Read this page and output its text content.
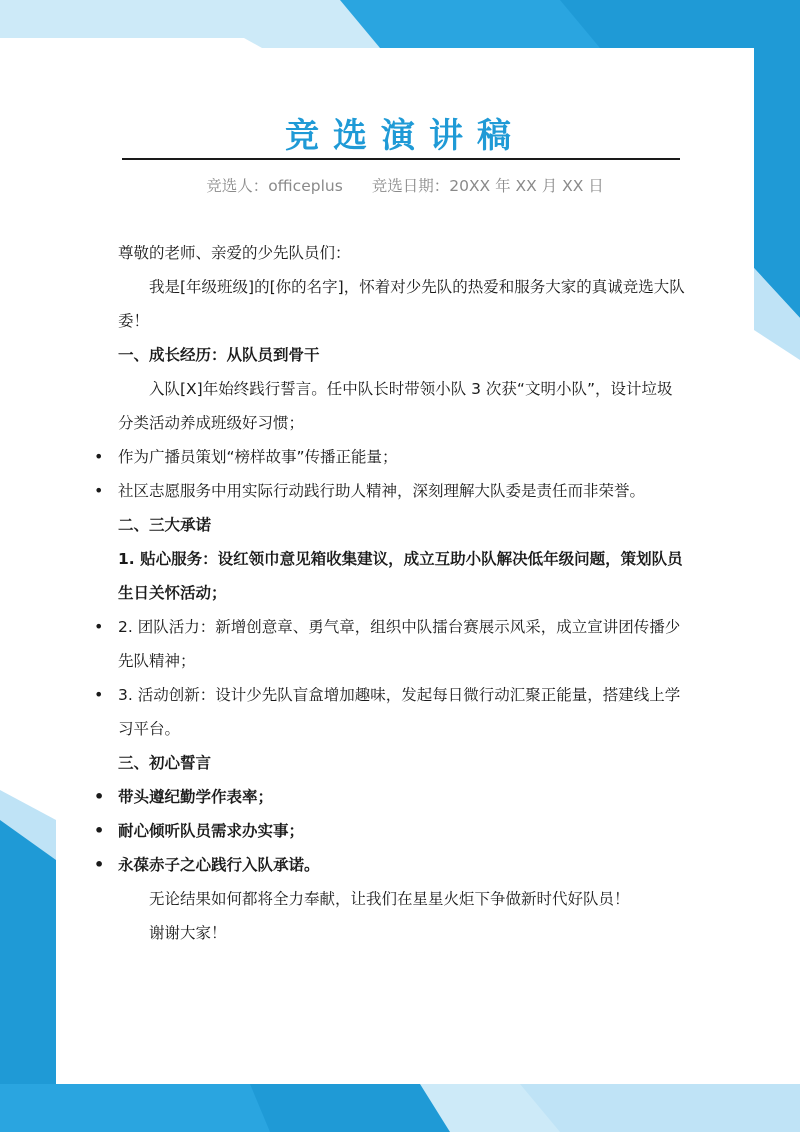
竞选演讲稿
竞选人：officeplus 竞选日期：20XX 年 XX 月 XX 日

尊敬的老师、亲爱的少先队员们：

我是[年级班级]的[你的名字]，怀着对少先队的热爱和服务大家的真诚竞选大队委！

一、成长经历：从队员到骨干

入队[X]年始终践行誓言。任中队长时带领小队 3 次获“文明小队”，设计垃圾分类活动养成班级好习惯；

• 作为广播员策划“榜样故事”传播正能量；

• 社区志愿服务中用实际行动践行助人精神，深刻理解大队委是责任而非荣誉。

二、三大承诺

1. 贴心服务：设红领巾意见箱收集建议，成立互助小队解决低年级问题，策划队员生日关怀活动；

• 2. 团队活力：新增创意章、勇气章，组织中队擂台赛展示风采，成立宣讲团传播少先队精神；

• 3. 活动创新：设计少先队盲盒增加趣味，发起每日微行动汇聚正能量，搭建线上学习平台。

三、初心誓言

• 带头遵纪勤学作表率；

• 耐心倾听队员需求办实事；

• 永葆赤子之心践行入队承诺。

无论结果如何都将全力奉献，让我们在星星火炬下争做新时代好队员！

谢谢大家！
